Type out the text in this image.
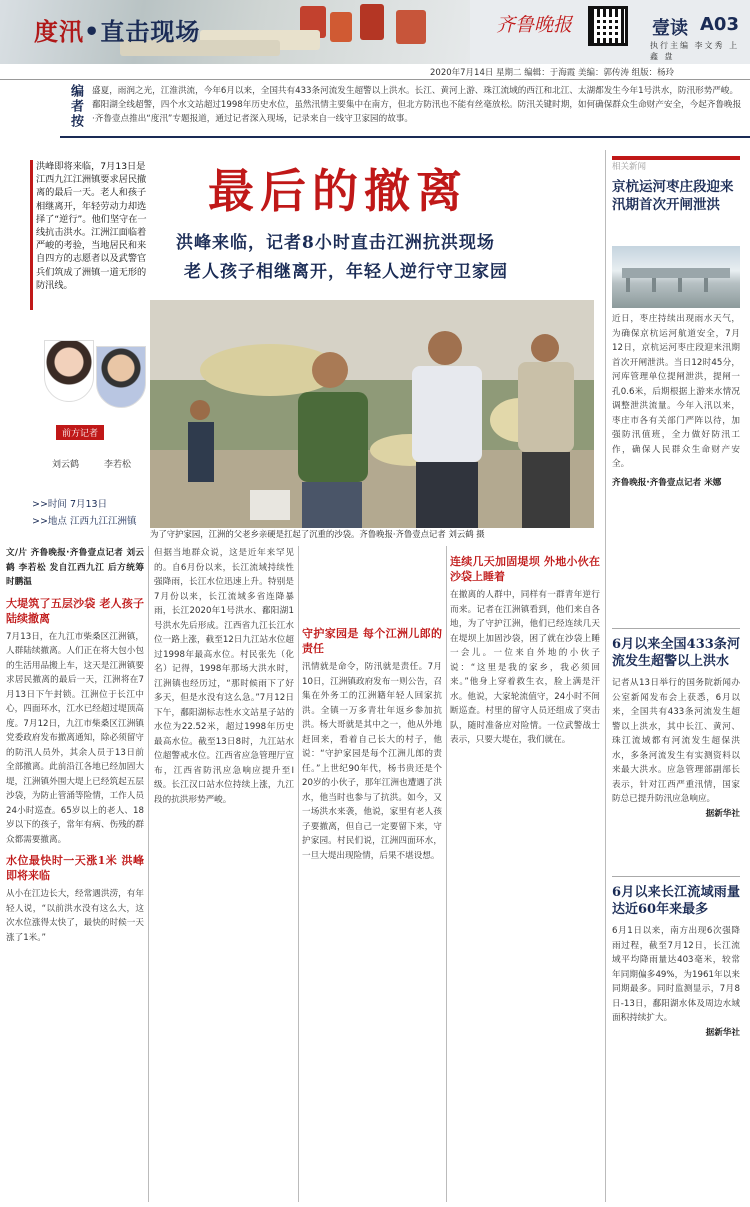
度汛•直击现场	齐鲁晚报	壹读 A03
执行主编 李文秀 上 鑫 盘
2020年7月14日 星期二 编辑：于海霞 美编：郭传涛 组版：杨玲
编者按 盛夏，雨润之光，江淮洪流，今年6月以来，全国共有433条河流发生超警以上洪水。长江、黄河上游、珠江流域的西江和北江、太湖都发生今年1号洪水，防汛形势严峻。鄱阳湖全线超警，四个水文站超过1998年历史水位，虽然汛情主要集中在南方，但北方防汛也不能有丝毫放松。防汛关键时期，如何确保群众生命财产安全，今起齐鲁晚报·齐鲁壹点推出“度汛”专题报道，通过记者深入现场，记录来自一线守卫家园的故事。
洪峰即将来临，7月13日是江西九江江洲镇要求居民撤离的最后一天。老人和孩子相继离开，年轻劳动力却选择了“逆行”。他们坚守在一线抗击洪水。江洲江面临着严峻的考验，当地居民和来自四方的志愿者以及武警官兵们筑成了洲镇一道无形的防汛线。
最后的撤离
洪峰来临，记者8小时直击江洲抗洪现场
老人孩子相继离开，年轻人逆行守卫家园
为了守护家园，江洲的父老乡亲硬是扛起了沉重的沙袋。齐鲁晚报·齐鲁壹点记者 刘云鹤 摄
前方记者
刘云鹤	李若松
>>时间 7月13日
>>地点 江西九江江洲镇
文/片 齐鲁晚报·齐鲁壹点记者 刘云鹤 李若松 发自江西九江 后方统筹 时鹏温
大堤筑了五层沙袋 老人孩子陆续撤离
7月13日，在九江市柴桑区江洲镇，人群陆续撤离。人们正在将大包小包的生活用品搬上车，这天是江洲镇要求居民撤离的最后一天，江洲将在7月13日下午封锁。江洲位于长江中心，四面环水，江水已经超过堤顶高度。7月12日，九江市柴桑区江洲镇党委政府发布撤离通知，除必须留守的防汛人员外，其余人员于13日前全部撤离。此前沿江各地已经加固大堤，江洲镇外围大堤上已经筑起五层沙袋，为防止管涌等险情，工作人员24小时巡查。65岁以上的老人、18岁以下的孩子，常年有病、伤残的群众都需要撤离。
水位最快时一天涨1米 洪峰即将来临
从小在江边长大，经常遇洪涝，有年轻人说，“以前洪水没有这么大，这次水位涨得太快了，最快的时候一天涨了1米。”
但据当地群众说，这是近年来罕见的。自6月份以来，长江流域持续性强降雨，长江水位迅速上升。特别是7月份以来，长江流域多省连降暴雨，长江2020年1号洪水、鄱阳湖1号洪水先后形成。江西省九江长江水位一路上涨，截至12日九江站水位超过1998年最高水位。村民张先（化名）记得，1998年那场大洪水时，江洲镇也经历过，“那时候雨下了好多天，但是水没有这么急。”7月12日下午，鄱阳湖标志性水文站星子站的水位为22.52米，超过1998年历史最高水位。截至13日8时，九江站水位超警戒水位。江西省应急管理厅宣布，江西省防汛应急响应提升至I级。长江汉口站水位持续上涨，九江段的抗洪形势严峻。
守护家园是 每个江洲儿郎的责任
汛情就是命令，防汛就是责任。7月10日，江洲镇政府发布一则公告，召集在外务工的江洲籍年轻人回家抗洪。全镇一万多青壮年返乡参加抗洪。杨大哥就是其中之一，他从外地赶回来，看着自己长大的村子，他说：“守护家园是每个江洲儿郎的责任。”上世纪90年代，杨书贵还是个20岁的小伙子，那年江洲也遭遇了洪水，他当时也参与了抗洪。如今，又一场洪水来袭，他说，家里有老人孩子要撤离，但自己一定要留下来，守护家园。村民们说，江洲四面环水，一旦大堤出现险情，后果不堪设想。
连续几天加固堤坝 外地小伙在沙袋上睡着
在撤离的人群中，同样有一群青年逆行而来。记者在江洲镇看到，他们来自各地，为了守护江洲，他们已经连续几天在堤坝上加固沙袋，困了就在沙袋上睡一会儿。一位来自外地的小伙子说：“这里是我的家乡，我必须回来。”他身上穿着救生衣，脸上满是汗水。他说，大家轮流值守，24小时不间断巡查。村里的留守人员还组成了突击队，随时准备应对险情。一位武警战士表示，只要大堤在，我们就在。
相关新闻
京杭运河枣庄段迎来汛期首次开闸泄洪
近日，枣庄持续出现雨水天气，为确保京杭运河航道安全，7月12日，京杭运河枣庄段迎来汛期首次开闸泄洪。当日12时45分，河库管理单位提闸泄洪，提闸一孔0.6米，后期根据上游来水情况调整泄洪流量。今年入汛以来，枣庄市各有关部门严阵以待，加强防汛值班，全力做好防汛工作，确保人民群众生命财产安全。
齐鲁晚报·齐鲁壹点记者 米娜
6月以来全国433条河流发生超警以上洪水
记者从13日举行的国务院新闻办公室新闻发布会上获悉，6月以来，全国共有433条河流发生超警以上洪水，其中长江、黄河、珠江流域都有河流发生超保洪水，多条河流发生有实测资料以来最大洪水。应急管理部副部长表示，针对江西严重汛情，国家防总已提升防汛应急响应。
据新华社
6月以来长江流域雨量达近60年来最多
6月1日以来，南方出现6次强降雨过程，截至7月12日，长江流域平均降雨量达403毫米，较常年同期偏多49%，为1961年以来同期最多。同时监测显示，7月8日-13日，鄱阳湖水体及周边水域面积持续扩大。
据新华社
